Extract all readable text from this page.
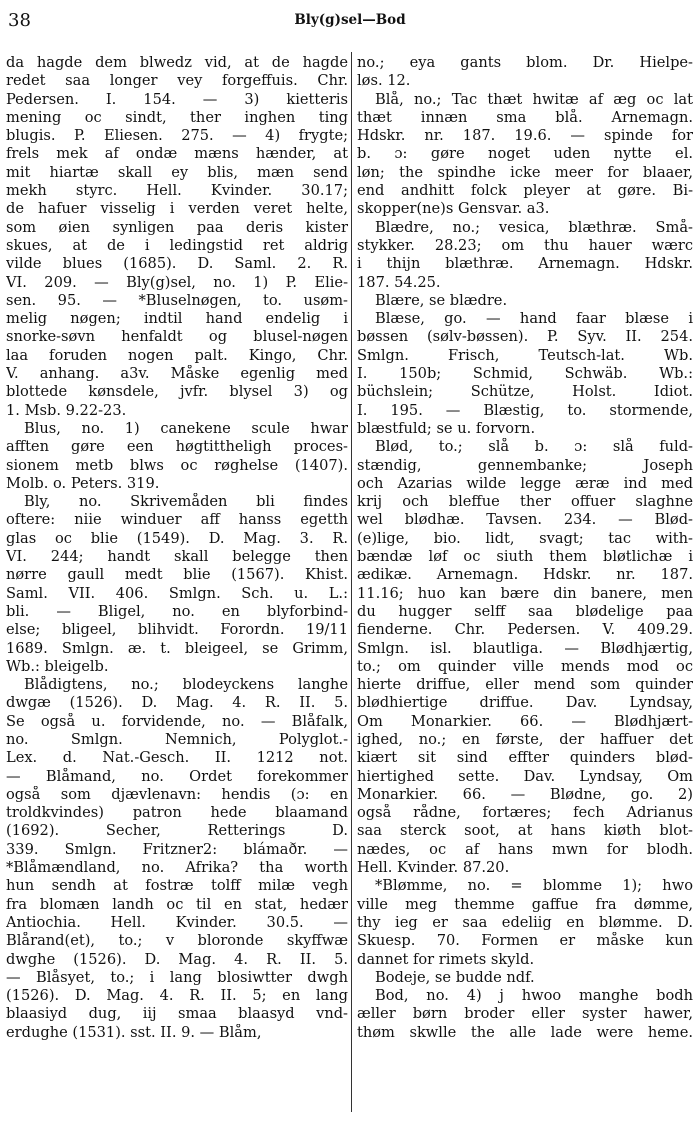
38	Bly(g)sel—Bod
da hagde dem blwedz vid, at de hagde
redet saa longer vey forgeffuis. Chr.
Pedersen. I. 154. — 3) kietteris
mening oc sindt, ther inghen ting
blugis. P. Eliesen. 275. — 4) frygte;
frels mek af ondæ mæns hænder, at
mit hiartæ skall ey blis, mæn send
mekh styrc. Hell. Kvinder. 30.17;
de hafuer visselig i verden veret helte,
som øien synligen paa deris kister
skues, at de i ledingstid ret aldrig
vilde blues (1685). D. Saml. 2. R.
VI. 209. — Bly(g)sel, no. 1) P. Elie-
sen. 95. — *Bluselnøgen, to. usøm-
melig nøgen; indtil hand endelig i
snorke-søvn henfaldt og blusel-nøgen
laa foruden nogen palt. Kingo, Chr.
V. anhang. a3v. Måske egenlig med
blottede kønsdele, jvfr. blysel 3) og
1. Msb. 9.22-23.
Blus, no. 1) canekene scule hwar
afften gøre een høgtittheligh proces-
sionem metb blws oc røghelse (1407).
Molb. o. Peters. 319.
Bly, no. Skrivemåden bli findes
oftere: niie winduer aff hanss egetth
glas oc blie (1549). D. Mag. 3. R.
VI. 244; handt skall belegge then
nørre gaull medt blie (1567). Khist.
Saml. VII. 406. Smlgn. Sch. u. L.:
bli. — Bligel, no. en blyforbind-
else; bligeel, blihvidt. Forordn. 19/11
1689. Smlgn. æ. t. bleigeel, se Grimm,
Wb.: bleigelb.
Blådigtens, no.; blodeyckens langhe
dwgæ (1526). D. Mag. 4. R. II. 5.
Se også u. forvidende, no. — Blåfalk,
no. Smlgn. Nemnich, Polyglot.-
Lex. d. Nat.-Gesch. II. 1212 not.
— Blåmand, no. Ordet forekommer
også som djævlenavn: hendis (ɔ: en
troldkvindes) patron hede blaamand
(1692). Secher, Retterings D.
339. Smlgn. Fritzner2: blámaðr. —
*Blåmændland, no. Afrika? tha worth
hun sendh at fostræ tolff milæ vegh
fra blomæn landh oc til en stat, hedær
Antiochia. Hell. Kvinder. 30.5. —
Blårand(et), to.; v bloronde skyffwæ
dwghe (1526). D. Mag. 4. R. II. 5.
— Blåsyet, to.; i lang blosiwtter dwgh
(1526). D. Mag. 4. R. II. 5; en lang
blaasiyd dug, iij smaa blaasyd vnd-
erdughe (1531). sst. II. 9. — Blåm,
no.; eya gants blom. Dr. Hielpe-
løs. 12.
Blå, no.; Tac thæt hwitæ af æg oc lat
thæt innæn sma blå. Arnemagn.
Hdskr. nr. 187. 19.6. — spinde for
b. ɔ: gøre noget uden nytte el.
løn; the spindhe icke meer for blaaer,
end andhitt folck pleyer at gøre. Bi-
skopper(ne)s Gensvar. a3.
Blædre, no.; vesica, blæthræ. Små-
stykker. 28.23; om thu hauer wærc
i thijn blæthræ. Arnemagn. Hdskr.
187. 54.25.
Blære, se blædre.
Blæse, go. — hand faar blæse i
bøssen (sølv-bøssen). P. Syv. II. 254.
Smlgn. Frisch, Teutsch-lat. Wb.
I. 150b; Schmid, Schwäb. Wb.:
büchslein; Schütze, Holst. Idiot.
I. 195. — Blæstig, to. stormende,
blæstfuld; se u. forvorn.
Blød, to.; slå b. ɔ: slå fuld-
stændig, gennembanke; Joseph
och Azarias wilde legge æræ ind med
krij och bleffue ther offuer slaghne
wel blødhæ. Tavsen. 234. — Blød-
(e)lige, bio. lidt, svagt; tac with-
bændæ løf oc siuth them bløtlichæ i
ædikæ. Arnemagn. Hdskr. nr. 187.
11.16; huo kan bære din banere, men
du hugger selff saa blødelige paa
fienderne. Chr. Pedersen. V. 409.29.
Smlgn. isl. blautliga. — Blødhjærtig,
to.; om quinder ville mends mod oc
hierte driffue, eller mend som quinder
blødhiertige driffue. Dav. Lyndsay,
Om Monarkier. 66. — Blødhjært-
ighed, no.; en første, der haffuer det
kiært sit sind effter quinders blød-
hiertighed sette. Dav. Lyndsay, Om
Monarkier. 66. — Blødne, go. 2)
også rådne, fortæres; fech Adrianus
saa sterck soot, at hans kiøth blot-
nædes, oc af hans mwn for blodh.
Hell. Kvinder. 87.20.
*Blømme, no. = blomme 1); hwo
ville meg themme gaffue fra dømme,
thy ieg er saa edeliig en blømme. D.
Skuesp. 70. Formen er måske kun
dannet for rimets skyld.
Bodeje, se budde ndf.
Bod, no. 4) j hwoo manghe bodh
æller børn broder eller syster hawer,
thøm skwlle the alle lade were heme.
